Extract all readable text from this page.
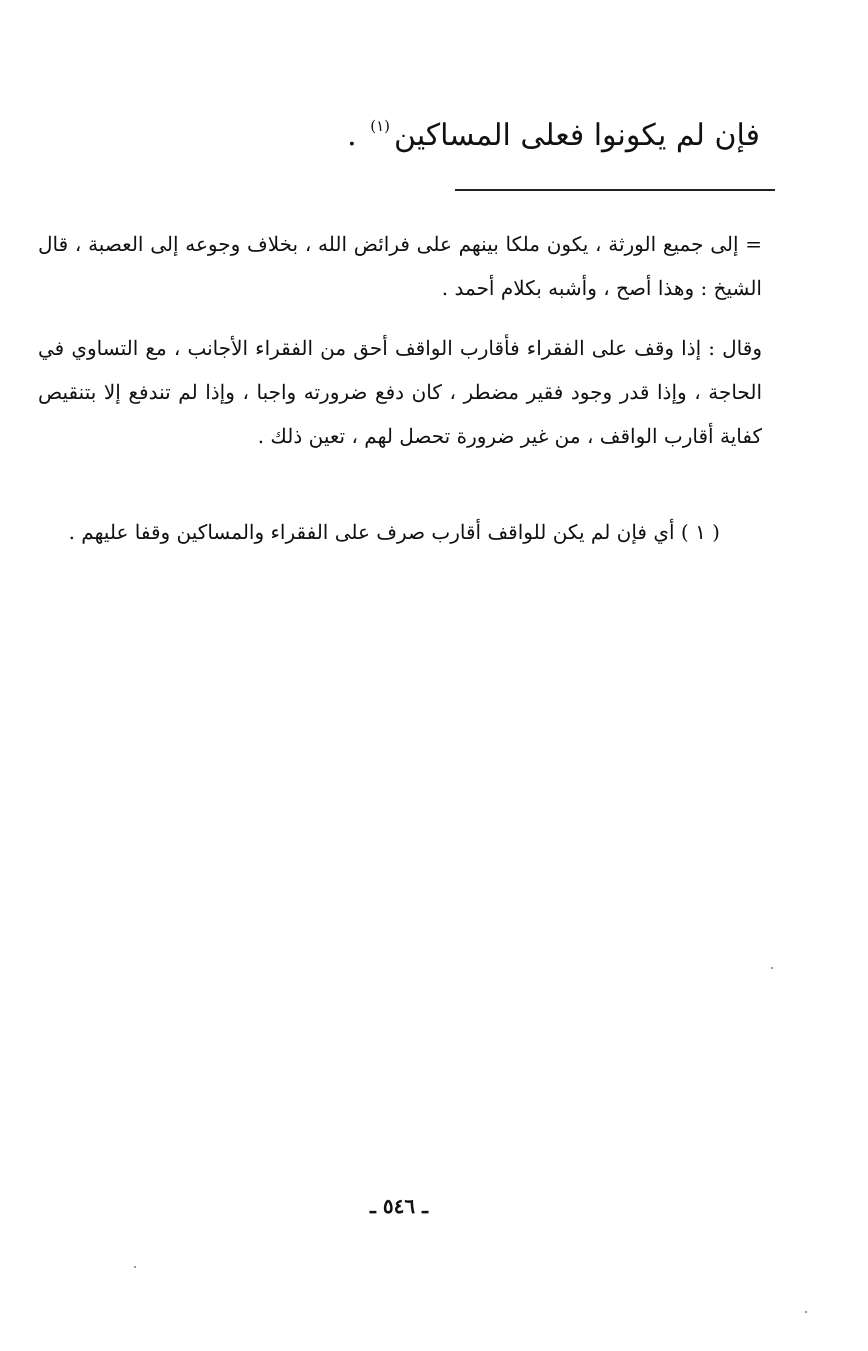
فإن لم يكونوا فعلى المساكين$^{(١)}$ .
= إلى جميع الورثة ، يكون ملكا بينهم على فرائض الله ، بخلاف وجوعه إلى العصبة ، قال الشيخ : وهذا أصح ، وأشبه بكلام أحمد .
وقال : إذا وقف على الفقراء فأقارب الواقف أحق من الفقراء الأجانب ، مع التساوي في الحاجة ، وإذا قدر وجود فقير مضطر ، كان دفع ضرورته واجبا ، وإذا لم تندفع إلا بتنقيص كفاية أقارب الواقف ، من غير ضرورة تحصل لهم ، تعين ذلك .
( ١ ) أي فإن لم يكن للواقف أقارب صرف على الفقراء والمساكين وقفا عليهم .
ـ ٥٤٦ ـ
